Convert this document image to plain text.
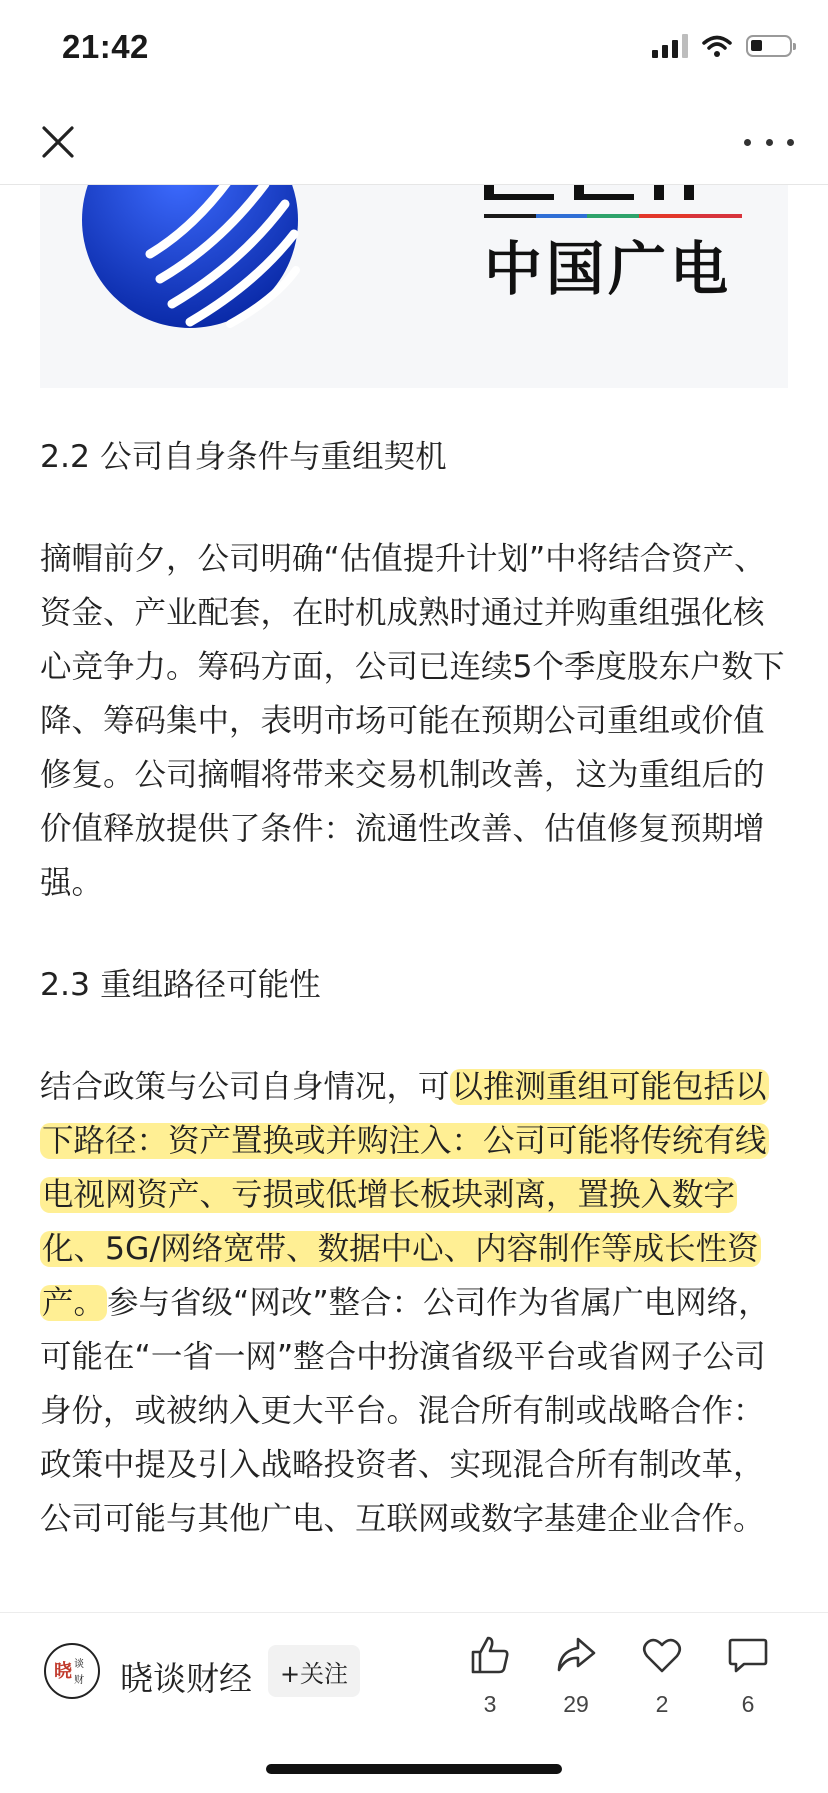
21:42
中国广电

2.2 公司自身条件与重组契机

摘帽前夕，公司明确“估值提升计划”中将结合资产、资金、产业配套，在时机成熟时通过并购重组强化核心竞争力。筹码方面，公司已连续5个季度股东户数下降、筹码集中，表明市场可能在预期公司重组或价值修复。公司摘帽将带来交易机制改善，这为重组后的价值释放提供了条件：流通性改善、估值修复预期增强。

2.3 重组路径可能性

结合政策与公司自身情况，可以推测重组可能包括以下路径：资产置换或并购注入：公司可能将传统有线电视网资产、亏损或低增长板块剥离，置换入数字化、5G/网络宽带、数据中心、内容制作等成长性资产。参与省级“网改”整合：公司作为省属广电网络，可能在“一省一网”整合中扮演省级平台或省网子公司身份，或被纳入更大平台。混合所有制或战略合作：政策中提及引入战略投资者、实现混合所有制改革，公司可能与其他广电、互联网或数字基建企业合作。

晓 谈
财 晓谈财经	+关注
3	29	2	6
